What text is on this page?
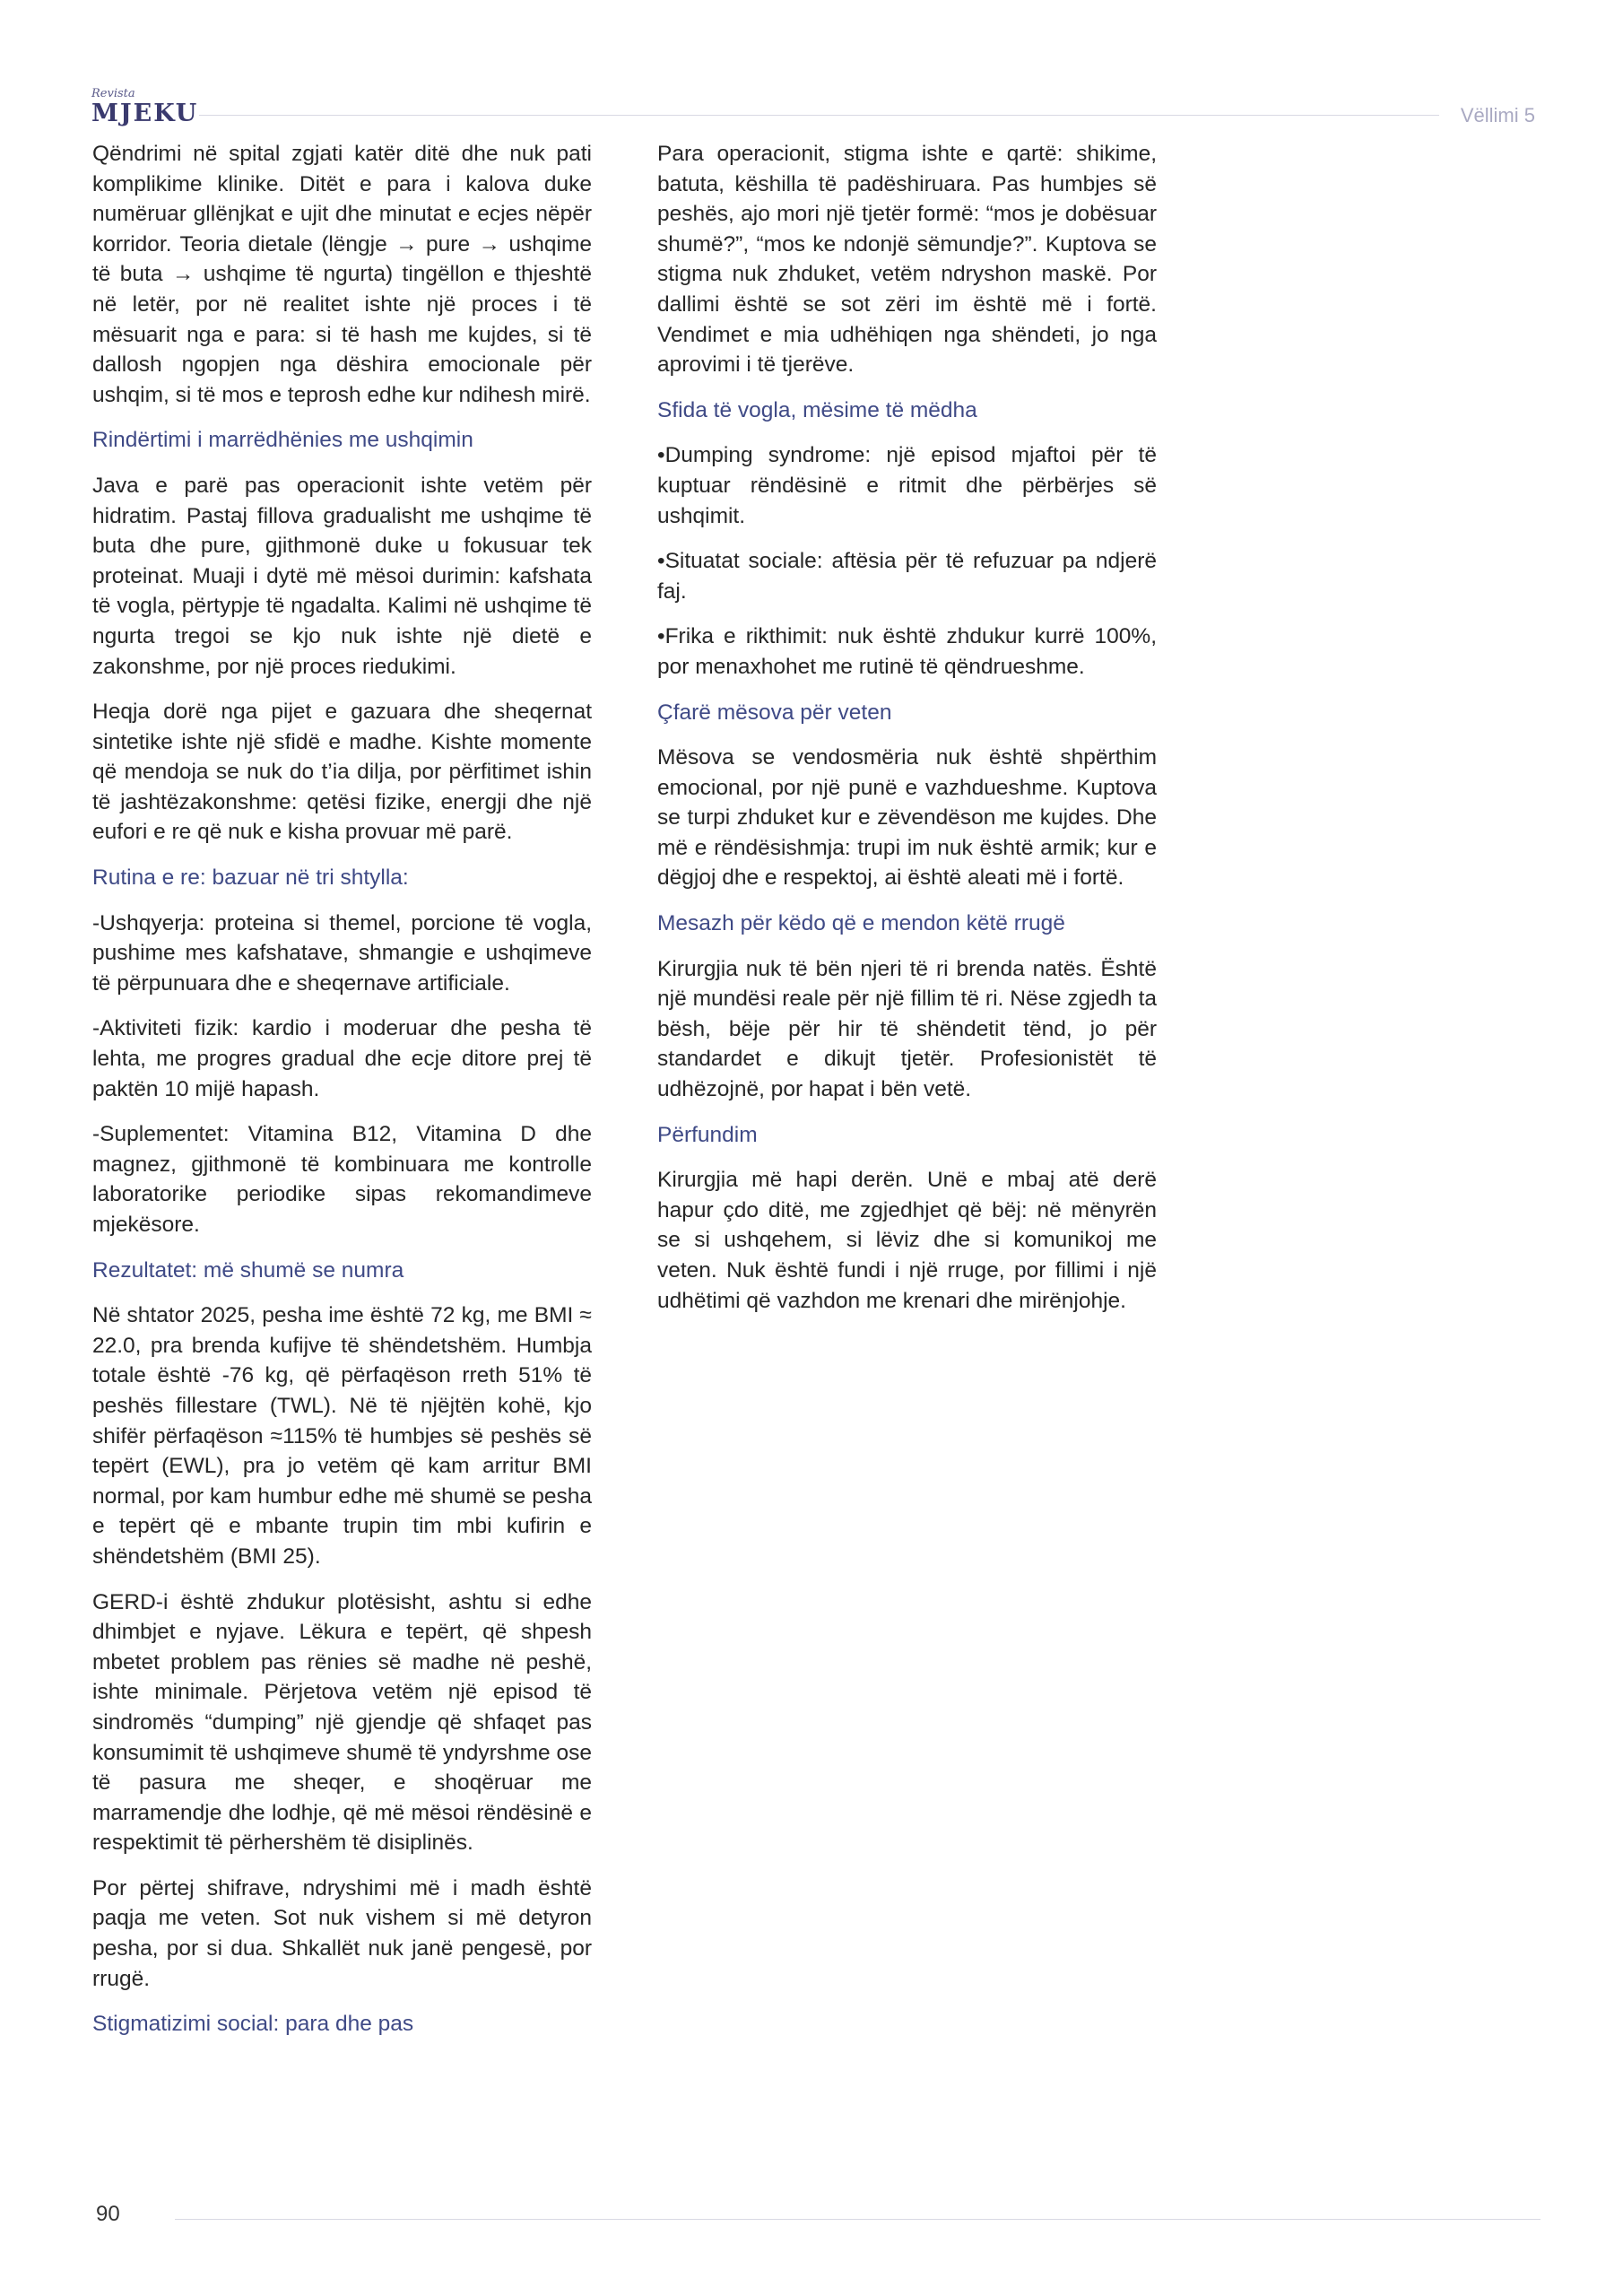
Revista
MJEKU	Vëllimi 5

Qëndrimi në spital zgjati katër ditë dhe nuk pati komplikime klinike. Ditët e para i kalova duke numëruar gllënjkat e ujit dhe minutat e ecjes nëpër korridor. Teoria dietale (lëngje → pure → ushqime të buta → ushqime të ngurta) tingëllon e thjeshtë në letër, por në realitet ishte një proces i të mësuarit nga e para: si të hash me kujdes, si të dallosh ngopjen nga dëshira emocionale për ushqim, si të mos e teprosh edhe kur ndihesh mirë.

Rindërtimi i marrëdhënies me ushqimin

Java e parë pas operacionit ishte vetëm për hidratim. Pastaj fillova gradualisht me ushqime të buta dhe pure, gjithmonë duke u fokusuar tek proteinat. Muaji i dytë më mësoi durimin: kafshata të vogla, përtypje të ngadalta. Kalimi në ushqime të ngurta tregoi se kjo nuk ishte një dietë e zakonshme, por një proces riedukimi.

Heqja dorë nga pijet e gazuara dhe sheqernat sintetike ishte një sfidë e madhe. Kishte momente që mendoja se nuk do t’ia dilja, por përfitimet ishin të jashtëzakonshme: qetësi fizike, energji dhe një eufori e re që nuk e kisha provuar më parë.

Rutina e re: bazuar në tri shtylla:

-Ushqyerja: proteina si themel, porcione të vogla, pushime mes kafshatave, shmangie e ushqimeve të përpunuara dhe e sheqernave artificiale.

-Aktiviteti fizik: kardio i moderuar dhe pesha të lehta, me progres gradual dhe ecje ditore prej të paktën 10 mijë hapash.

-Suplementet: Vitamina B12, Vitamina D dhe magnez, gjithmonë të kombinuara me kontrolle laboratorike periodike sipas rekomandimeve mjekësore.

Rezultatet: më shumë se numra

Në shtator 2025, pesha ime është 72 kg, me BMI ≈ 22.0, pra brenda kufijve të shëndetshëm. Humbja totale është -76 kg, që përfaqëson rreth 51% të peshës fillestare (TWL). Në të njëjtën kohë, kjo shifër përfaqëson ≈115% të humbjes së peshës së tepërt (EWL), pra jo vetëm që kam arritur BMI normal, por kam humbur edhe më shumë se pesha e tepërt që e mbante trupin tim mbi kufirin e shëndetshëm (BMI 25).

GERD-i është zhdukur plotësisht, ashtu si edhe dhimbjet e nyjave. Lëkura e tepërt, që shpesh mbetet problem pas rënies së madhe në peshë, ishte minimale. Përjetova vetëm një episod të sindromës “dumping” një gjendje që shfaqet pas konsumimit të ushqimeve shumë të yndyrshme ose të pasura me sheqer, e shoqëruar me marramendje dhe lodhje, që më mësoi rëndësinë e respektimit të përhershëm të disiplinës.

Por përtej shifrave, ndryshimi më i madh është paqja me veten. Sot nuk vishem si më detyron pesha, por si dua. Shkallët nuk janë pengesë, por rrugë.

Stigmatizimi social: para dhe pas

Para operacionit, stigma ishte e qartë: shikime, batuta, këshilla të padëshiruara. Pas humbjes së peshës, ajo mori një tjetër formë: “mos je dobësuar shumë?”, “mos ke ndonjë sëmundje?”. Kuptova se stigma nuk zhduket, vetëm ndryshon maskë. Por dallimi është se sot zëri im është më i fortë. Vendimet e mia udhëhiqen nga shëndeti, jo nga aprovimi i të tjerëve.

Sfida të vogla, mësime të mëdha

•Dumping syndrome: një episod mjaftoi për të kuptuar rëndësinë e ritmit dhe përbërjes së ushqimit.

•Situatat sociale: aftësia për të refuzuar pa ndjerë faj.

•Frika e rikthimit: nuk është zhdukur kurrë 100%, por menaxhohet me rutinë të qëndrueshme.

Çfarë mësova për veten

Mësova se vendosmëria nuk është shpërthim emocional, por një punë e vazhdueshme. Kuptova se turpi zhduket kur e zëvendëson me kujdes. Dhe më e rëndësishmja: trupi im nuk është armik; kur e dëgjoj dhe e respektoj, ai është aleati më i fortë.

Mesazh për këdo që e mendon këtë rrugë

Kirurgjia nuk të bën njeri të ri brenda natës. Është një mundësi reale për një fillim të ri. Nëse zgjedh ta bësh, bëje për hir të shëndetit tënd, jo për standardet e dikujt tjetër. Profesionistët të udhëzojnë, por hapat i bën vetë.

Përfundim

Kirurgjia më hapi derën. Unë e mbaj atë derë hapur çdo ditë, me zgjedhjet që bëj: në mënyrën se si ushqehem, si lëviz dhe si komunikoj me veten. Nuk është fundi i një rruge, por fillimi i një udhëtimi që vazhdon me krenari dhe mirënjohje.

90
